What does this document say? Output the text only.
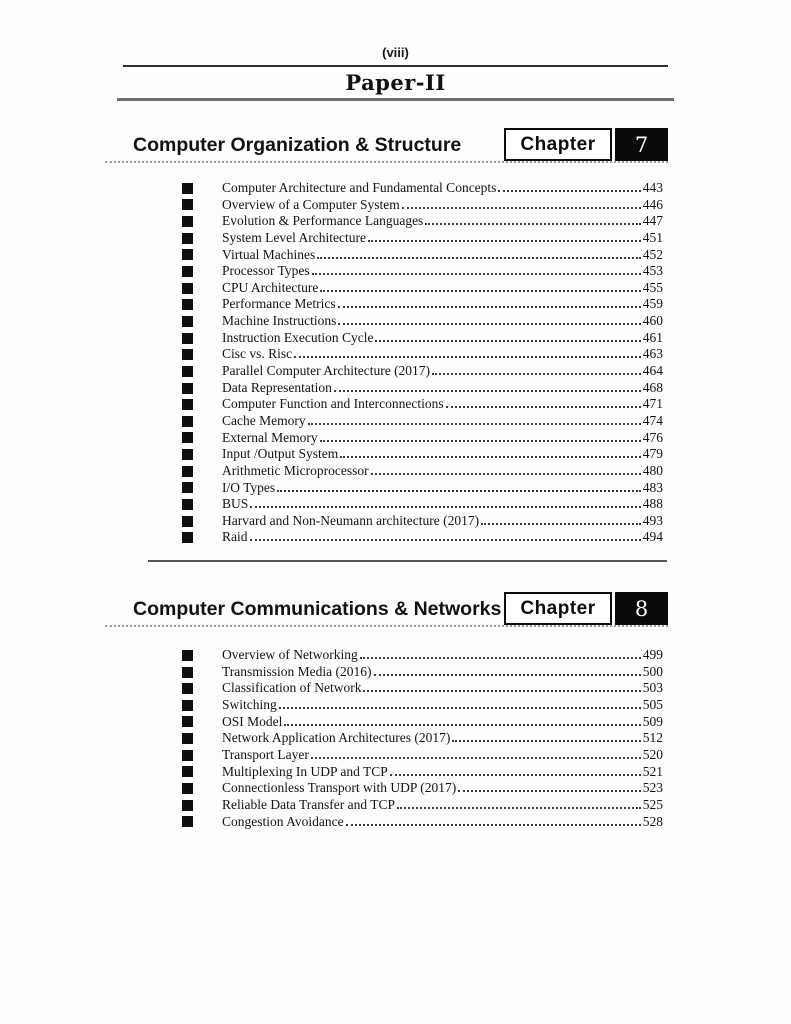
(viii)
Paper-II
Computer Organization & Structure	Chapter	7
Computer Architecture and Fundamental Concepts	443
Overview of a Computer System	446
Evolution & Performance Languages	447
System Level Architecture	451
Virtual Machines	452
Processor Types	453
CPU Architecture	455
Performance Metrics	459
Machine Instructions	460
Instruction Execution Cycle	461
Cisc vs. Risc	463
Parallel Computer Architecture (2017)	464
Data Representation	468
Computer Function and Interconnections	471
Cache Memory	474
External Memory	476
Input /Output System	479
Arithmetic Microprocessor	480
I/O Types	483
BUS	488
Harvard and Non-Neumann architecture (2017)	493
Raid	494
Computer Communications & Networks Chapter	8
Overview of Networking	499
Transmission Media (2016)	500
Classification of Network	503
Switching	505
OSI Model	509
Network Application Architectures (2017)	512
Transport Layer	520
Multiplexing In UDP and TCP	521
Connectionless Transport with UDP (2017)	523
Reliable Data Transfer and TCP	525
Congestion Avoidance	528
